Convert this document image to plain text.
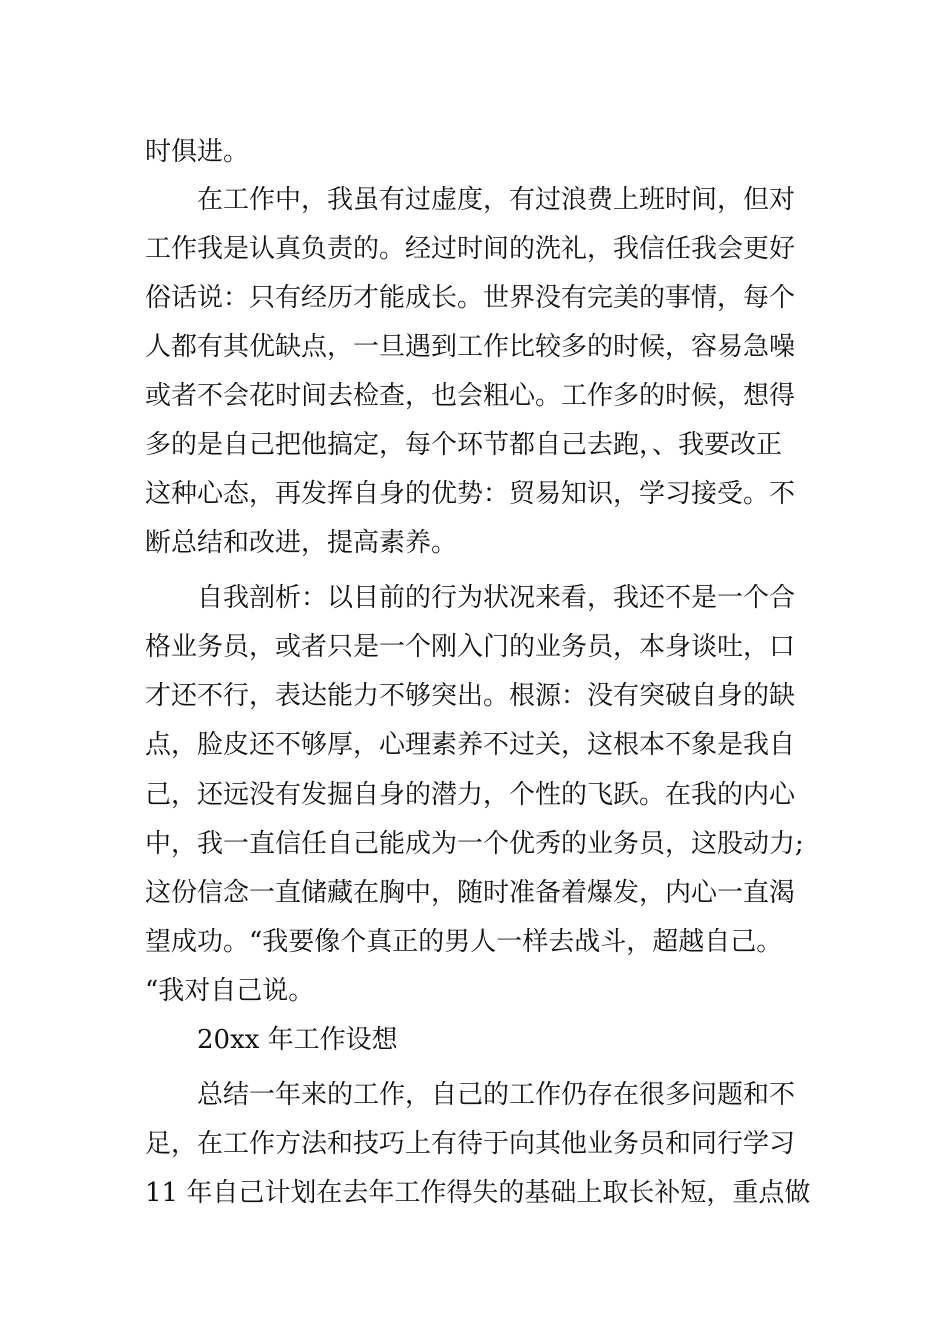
时俱进。
在工作中，我虽有过虚度，有过浪费上班时间，但对
工作我是认真负责的。经过时间的洗礼，我信任我会更好
俗话说：只有经历才能成长。世界没有完美的事情，每个
人都有其优缺点，一旦遇到工作比较多的时候，容易急噪
或者不会花时间去检查，也会粗心。工作多的时候，想得
多的是自己把他搞定，每个环节都自己去跑，、我要改正
这种心态，再发挥自身的优势：贸易知识，学习接受。不
断总结和改进，提高素养。
自我剖析：以目前的行为状况来看，我还不是一个合
格业务员，或者只是一个刚入门的业务员，本身谈吐，口
才还不行，表达能力不够突出。根源：没有突破自身的缺
点，脸皮还不够厚，心理素养不过关，这根本不象是我自
己，还远没有发掘自身的潜力，个性的飞跃。在我的内心
中，我一直信任自己能成为一个优秀的业务员，这股动力;
这份信念一直储藏在胸中，随时准备着爆发，内心一直渴
望成功。“我要像个真正的男人一样去战斗，超越自己。
“我对自己说。
20xx 年工作设想
总结一年来的工作，自己的工作仍存在很多问题和不
足，在工作方法和技巧上有待于向其他业务员和同行学习
11 年自己计划在去年工作得失的基础上取长补短，重点做
